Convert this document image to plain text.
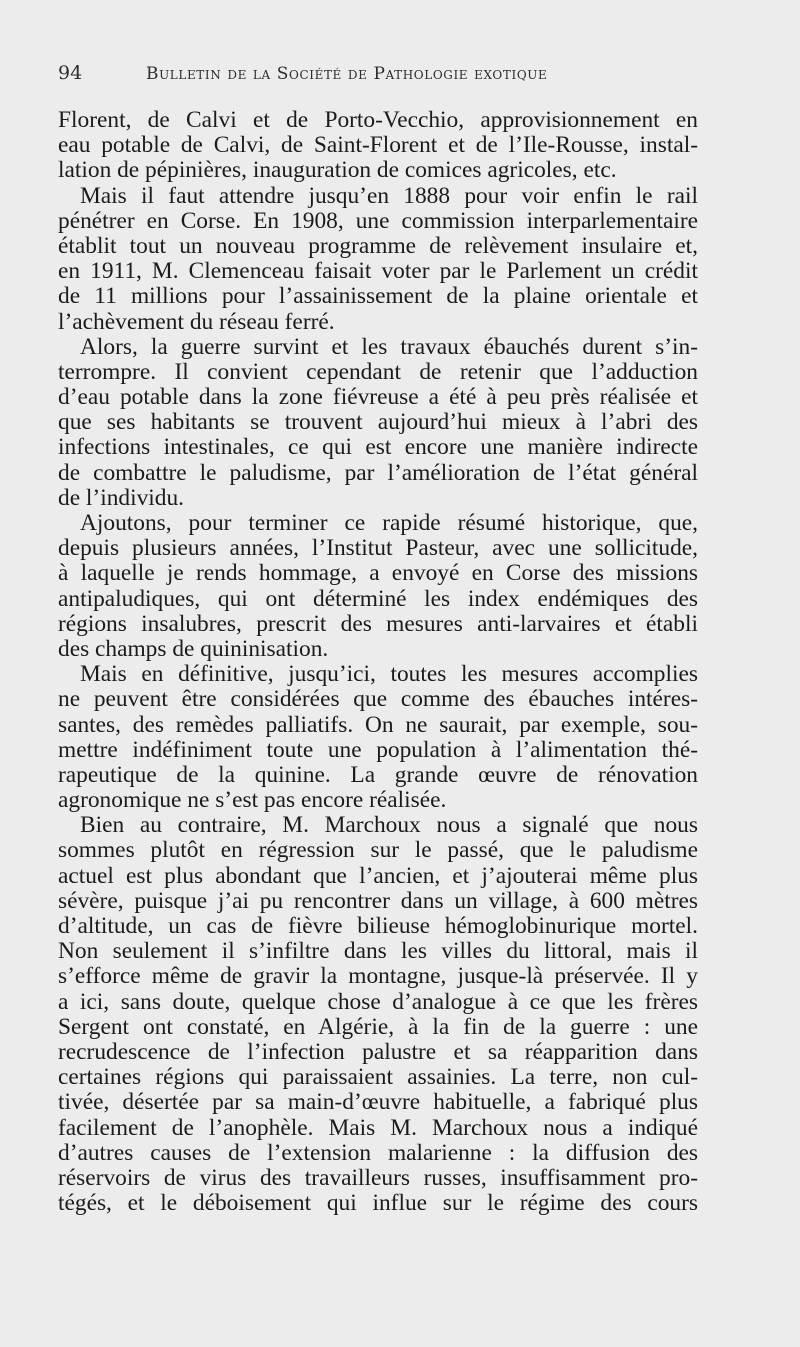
94	Bulletin de la Société de Pathologie exotique
Florent, de Calvi et de Porto-Vecchio, approvisionnement en
eau potable de Calvi, de Saint-Florent et de l’Ile-Rousse, instal-
lation de pépinières, inauguration de comices agricoles, etc.
Mais il faut attendre jusqu’en 1888 pour voir enfin le rail
pénétrer en Corse. En 1908, une commission interparlementaire
établit tout un nouveau programme de relèvement insulaire et,
en 1911, M. Clemenceau faisait voter par le Parlement un crédit
de 11 millions pour l’assainissement de la plaine orientale et
l’achèvement du réseau ferré.
Alors, la guerre survint et les travaux ébauchés durent s’in-
terrompre. Il convient cependant de retenir que l’adduction
d’eau potable dans la zone fiévreuse a été à peu près réalisée et
que ses habitants se trouvent aujourd’hui mieux à l’abri des
infections intestinales, ce qui est encore une manière indirecte
de combattre le paludisme, par l’amélioration de l’état général
de l’individu.
Ajoutons, pour terminer ce rapide résumé historique, que,
depuis plusieurs années, l’Institut Pasteur, avec une sollicitude,
à laquelle je rends hommage, a envoyé en Corse des missions
antipaludiques, qui ont déterminé les index endémiques des
régions insalubres, prescrit des mesures anti-larvaires et établi
des champs de quininisation.
Mais en définitive, jusqu’ici, toutes les mesures accomplies
ne peuvent être considérées que comme des ébauches intéres-
santes, des remèdes palliatifs. On ne saurait, par exemple, sou-
mettre indéfiniment toute une population à l’alimentation thé-
rapeutique de la quinine. La grande œuvre de rénovation
agronomique ne s’est pas encore réalisée.
Bien au contraire, M. Marchoux nous a signalé que nous
sommes plutôt en régression sur le passé, que le paludisme
actuel est plus abondant que l’ancien, et j’ajouterai même plus
sévère, puisque j’ai pu rencontrer dans un village, à 600 mètres
d’altitude, un cas de fièvre bilieuse hémoglobinurique mortel.
Non seulement il s’infiltre dans les villes du littoral, mais il
s’efforce même de gravir la montagne, jusque-là préservée. Il y
a ici, sans doute, quelque chose d’analogue à ce que les frères
Sergent ont constaté, en Algérie, à la fin de la guerre : une
recrudescence de l’infection palustre et sa réapparition dans
certaines régions qui paraissaient assainies. La terre, non cul-
tivée, désertée par sa main-d’œuvre habituelle, a fabriqué plus
facilement de l’anophèle. Mais M. Marchoux nous a indiqué
d’autres causes de l’extension malarienne : la diffusion des
réservoirs de virus des travailleurs russes, insuffisamment pro-
tégés, et le déboisement qui influe sur le régime des cours
